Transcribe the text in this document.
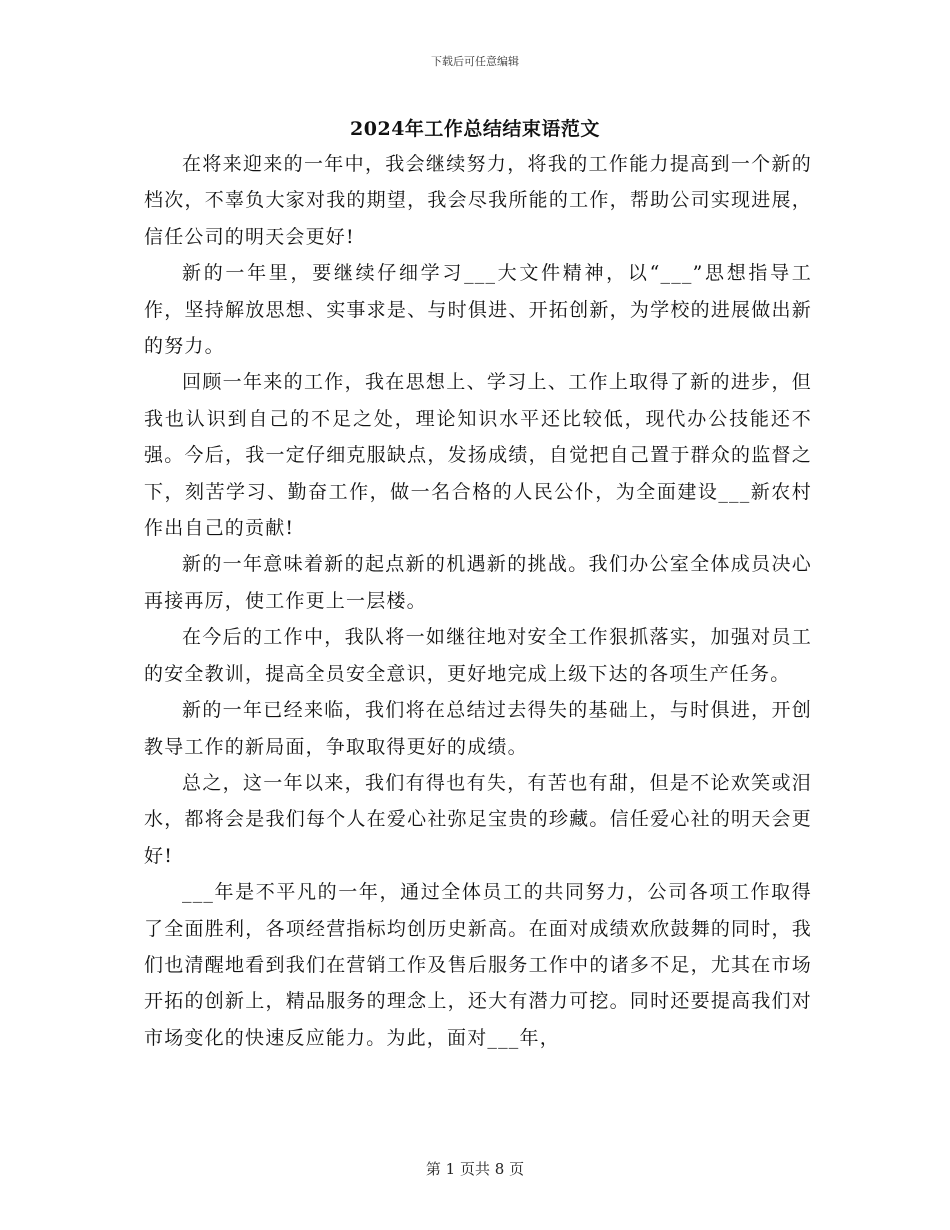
下载后可任意编辑
2024年工作总结结束语范文

在将来迎来的一年中，我会继续努力，将我的工作能力提高到一个新的档次，不辜负大家对我的期望，我会尽我所能的工作，帮助公司实现进展，信任公司的明天会更好!

新的一年里，要继续仔细学习___大文件精神，以“___”思想指导工作，坚持解放思想、实事求是、与时俱进、开拓创新，为学校的进展做出新的努力。

回顾一年来的工作，我在思想上、学习上、工作上取得了新的进步，但我也认识到自己的不足之处，理论知识水平还比较低，现代办公技能还不强。今后，我一定仔细克服缺点，发扬成绩，自觉把自己置于群众的监督之下，刻苦学习、勤奋工作，做一名合格的人民公仆，为全面建设___新农村作出自己的贡献!

新的一年意味着新的起点新的机遇新的挑战。我们办公室全体成员决心再接再厉，使工作更上一层楼。

在今后的工作中，我队将一如继往地对安全工作狠抓落实，加强对员工的安全教训，提高全员安全意识，更好地完成上级下达的各项生产任务。

新的一年已经来临，我们将在总结过去得失的基础上，与时俱进，开创教导工作的新局面，争取取得更好的成绩。

总之，这一年以来，我们有得也有失，有苦也有甜，但是不论欢笑或泪水，都将会是我们每个人在爱心社弥足宝贵的珍藏。信任爱心社的明天会更好!

___年是不平凡的一年，通过全体员工的共同努力，公司各项工作取得了全面胜利，各项经营指标均创历史新高。在面对成绩欢欣鼓舞的同时，我们也清醒地看到我们在营销工作及售后服务工作中的诸多不足，尤其在市场开拓的创新上，精品服务的理念上，还大有潜力可挖。同时还要提高我们对市场变化的快速反应能力。为此，面对___年，

第 1 页共 8 页
